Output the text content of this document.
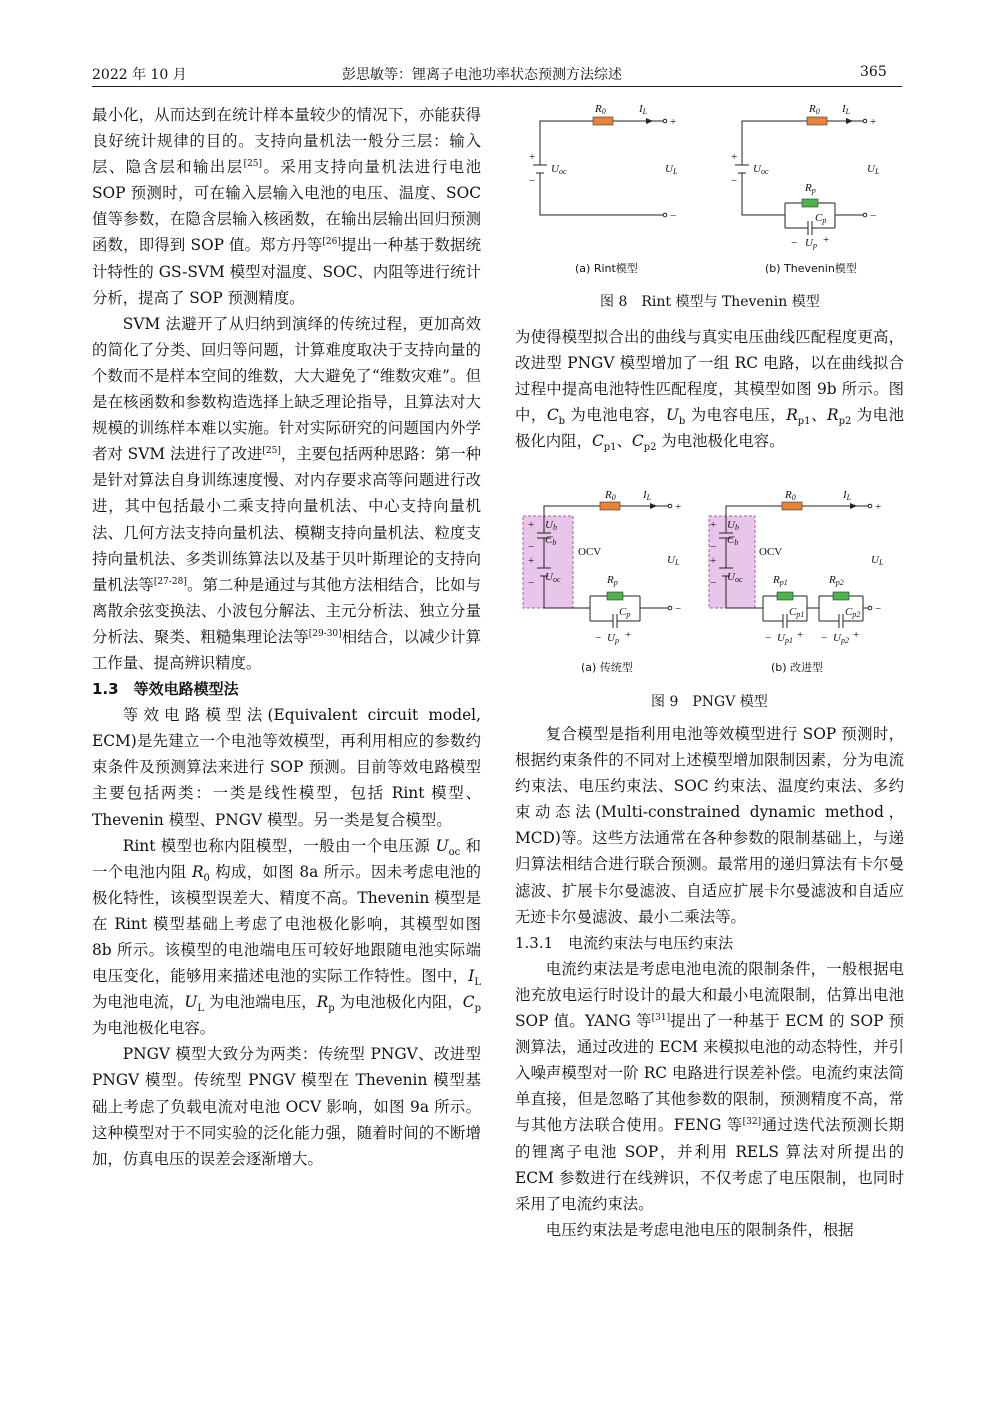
2022 年 10 月	彭思敏等：锂离子电池功率状态预测方法综述	365

最小化，从而达到在统计样本量较少的情况下，亦能获得良好统计规律的目的。支持向量机法一般分三层：输入层、隐含层和输出层[25]。采用支持向量机法进行电池 SOP 预测时，可在输入层输入电池的电压、温度、SOC 值等参数，在隐含层输入核函数，在输出层输出回归预测函数，即得到 SOP 值。郑方丹等[26]提出一种基于数据统计特性的 GS-SVM 模型对温度、SOC、内阻等进行统计分析，提高了 SOP 预测精度。

SVM 法避开了从归纳到演绎的传统过程，更加高效的简化了分类、回归等问题，计算难度取决于支持向量的个数而不是样本空间的维数，大大避免了“维数灾难”。但是在核函数和参数构造选择上缺乏理论指导，且算法对大规模的训练样本难以实施。针对实际研究的问题国内外学者对 SVM 法进行了改进[25]，主要包括两种思路：第一种是针对算法自身训练速度慢、对内存要求高等问题进行改进，其中包括最小二乘支持向量机法、中心支持向量机法、几何方法支持向量机法、模糊支持向量机法、粒度支持向量机法、多类训练算法以及基于贝叶斯理论的支持向量机法等[27-28]。第二种是通过与其他方法相结合，比如与离散余弦变换法、小波包分解法、主元分析法、独立分量分析法、聚类、粗糙集理论法等[29-30]相结合，以减少计算工作量、提高辨识精度。

1.3　等效电路模型法

等效电路模型法(Equivalent circuit model, ECM)是先建立一个电池等效模型，再利用相应的参数约束条件及预测算法来进行 SOP 预测。目前等效电路模型主要包括两类：一类是线性模型，包括 Rint 模型、Thevenin 模型、PNGV 模型。另一类是复合模型。

Rint 模型也称内阻模型，一般由一个电压源 $U_{oc}$ 和一个电池内阻 $R_0$ 构成，如图 8a 所示。因未考虑电池的极化特性，该模型误差大、精度不高。Thevenin 模型是在 Rint 模型基础上考虑了电池极化影响，其模型如图 8b 所示。该模型的电池端电压可较好地跟随电池实际端电压变化，能够用来描述电池的实际工作特性。图中，$I_L$ 为电池电流，$U_L$ 为电池端电压，$R_p$ 为电池极化内阻，$C_p$ 为电池极化电容。

PNGV 模型大致分为两类：传统型 PNGV、改进型 PNGV 模型。传统型 PNGV 模型在 Thevenin 模型基础上考虑了负载电流对电池 OCV 影响，如图 9a 所示。这种模型对于不同实验的泛化能力强，随着时间的不断增加，仿真电压的误差会逐渐增大。

+
−
+
−
+
−
+
−
R0	IL
Uoc	UL
R0 IL
Uoc	UL
Rp
Cp
Up
− +
(a) Rint模型	(b) Thevenin模型
图 8　Rint 模型与 Thevenin 模型

为使得模型拟合出的曲线与真实电压曲线匹配程度更高，改进型 PNGV 模型增加了一组 RC 电路，以在曲线拟合过程中提高电池特性匹配程度，其模型如图 9b 所示。图中，$C_b$ 为电池电容，$U_b$ 为电容电压，$R_{p1}$、$R_{p2}$ 为电池极化内阻，$C_{p1}$、$C_{p2}$ 为电池极化电容。

+
−
+
−
+
−
+
−
+
−
+
−
R0 IL
Ub
Cb
Uoc
OCV
UL
Rp
Cp
Up
− +
R0	IL
Ub
Cb
Uoc
OCV
UL
Rp1	Rp2
Cp1	Cp2
Up1	Up2
− + − +
(a) 传统型	(b) 改进型
图 9　PNGV 模型

复合模型是指利用电池等效模型进行 SOP 预测时，根据约束条件的不同对上述模型增加限制因素，分为电流约束法、电压约束法、SOC 约束法、温度约束法、多约束动态法(Multi-constrained dynamic method，MCD)等。这些方法通常在各种参数的限制基础上，与递归算法相结合进行联合预测。最常用的递归算法有卡尔曼滤波、扩展卡尔曼滤波、自适应扩展卡尔曼滤波和自适应无迹卡尔曼滤波、最小二乘法等。

1.3.1　电流约束法与电压约束法

电流约束法是考虑电池电流的限制条件，一般根据电池充放电运行时设计的最大和最小电流限制，估算出电池 SOP 值。YANG 等[31]提出了一种基于 ECM 的 SOP 预测算法，通过改进的 ECM 来模拟电池的动态特性，并引入噪声模型对一阶 RC 电路进行误差补偿。电流约束法简单直接，但是忽略了其他参数的限制，预测精度不高，常与其他方法联合使用。FENG 等[32]通过迭代法预测长期的锂离子电池 SOP，并利用 RELS 算法对所提出的 ECM 参数进行在线辨识，不仅考虑了电压限制，也同时采用了电流约束法。

电压约束法是考虑电池电压的限制条件，根据
